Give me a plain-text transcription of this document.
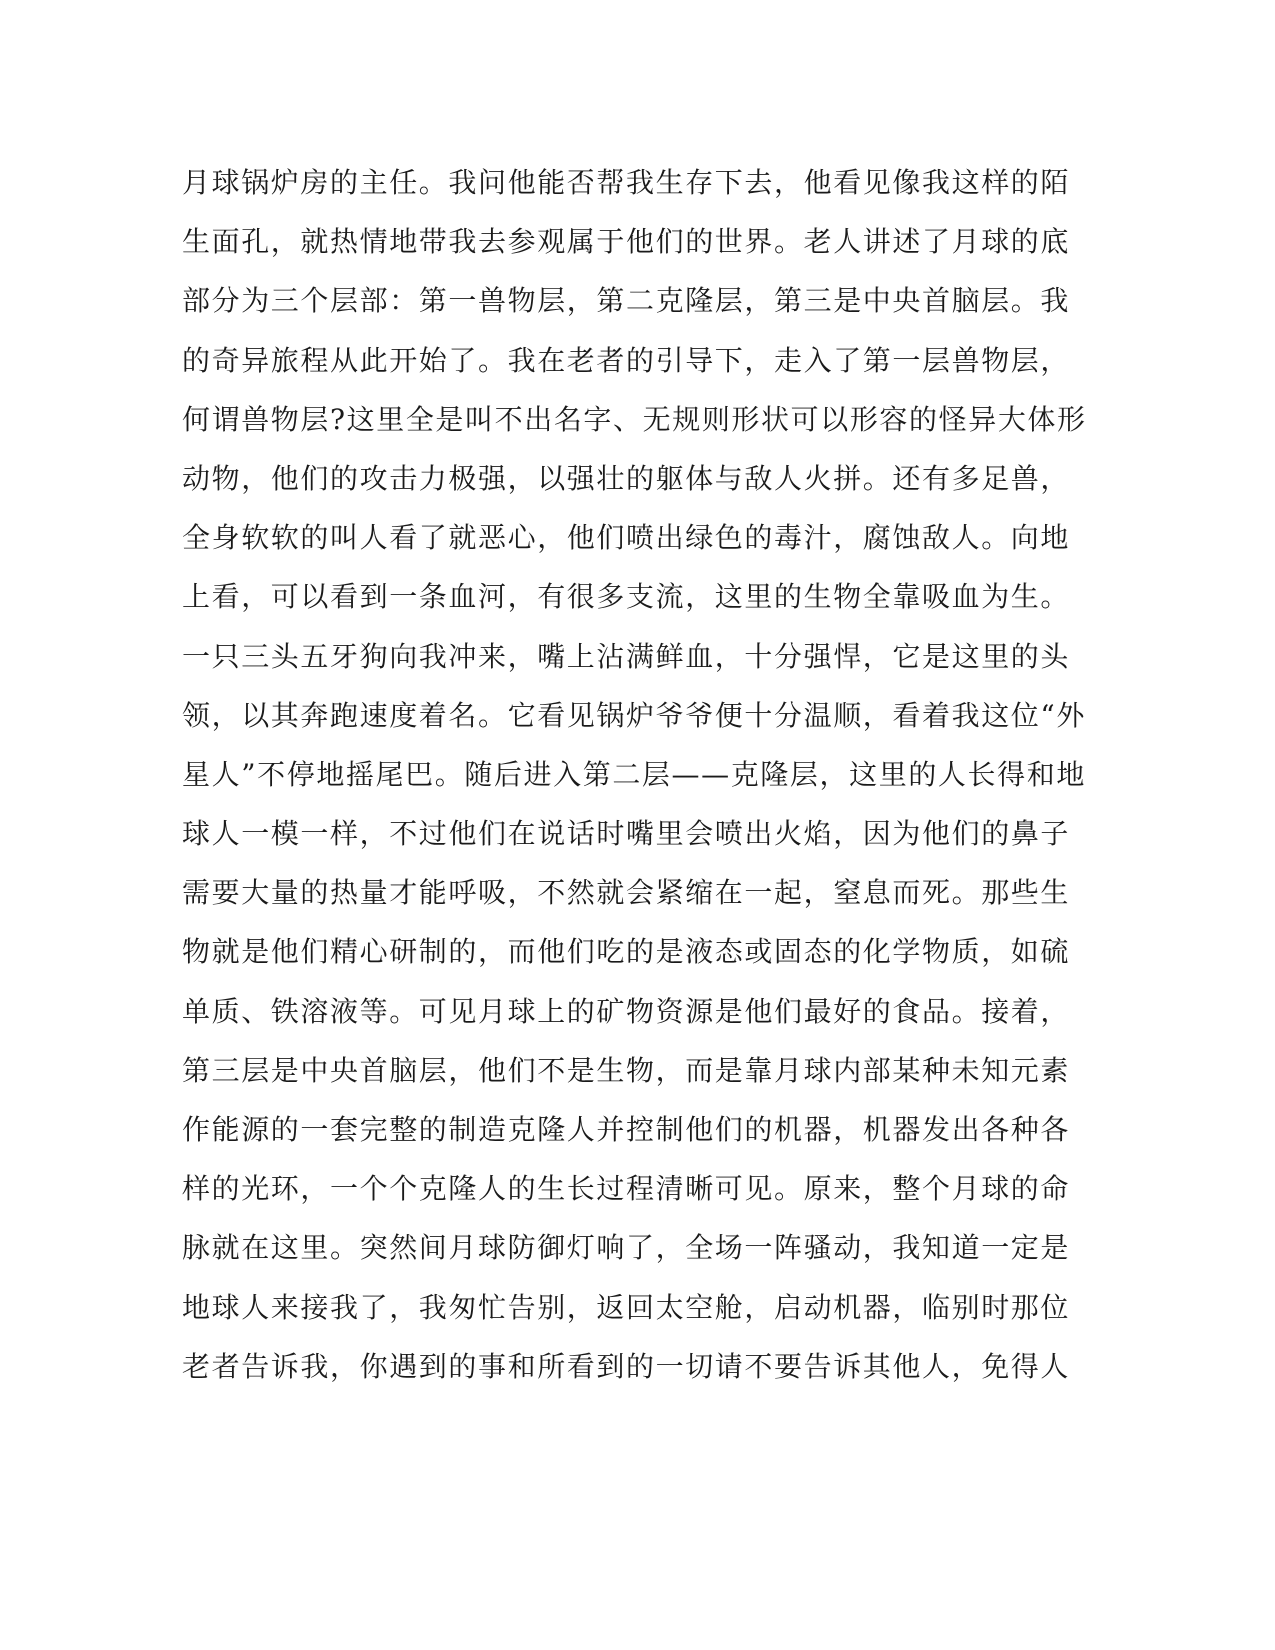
月球锅炉房的主任。我问他能否帮我生存下去，他看见像我这样的陌
生面孔，就热情地带我去参观属于他们的世界。老人讲述了月球的底
部分为三个层部：第一兽物层，第二克隆层，第三是中央首脑层。我
的奇异旅程从此开始了。我在老者的引导下，走入了第一层兽物层，
何谓兽物层?这里全是叫不出名字、无规则形状可以形容的怪异大体形
动物，他们的攻击力极强，以强壮的躯体与敌人火拼。还有多足兽，
全身软软的叫人看了就恶心，他们喷出绿色的毒汁，腐蚀敌人。向地
上看，可以看到一条血河，有很多支流，这里的生物全靠吸血为生。
一只三头五牙狗向我冲来，嘴上沾满鲜血，十分强悍，它是这里的头
领，以其奔跑速度着名。它看见锅炉爷爷便十分温顺，看着我这位“外
星人”不停地摇尾巴。随后进入第二层——克隆层，这里的人长得和地
球人一模一样，不过他们在说话时嘴里会喷出火焰，因为他们的鼻子
需要大量的热量才能呼吸，不然就会紧缩在一起，窒息而死。那些生
物就是他们精心研制的，而他们吃的是液态或固态的化学物质，如硫
单质、铁溶液等。可见月球上的矿物资源是他们最好的食品。接着，
第三层是中央首脑层，他们不是生物，而是靠月球内部某种未知元素
作能源的一套完整的制造克隆人并控制他们的机器，机器发出各种各
样的光环，一个个克隆人的生长过程清晰可见。原来，整个月球的命
脉就在这里。突然间月球防御灯响了，全场一阵骚动，我知道一定是
地球人来接我了，我匆忙告别，返回太空舱，启动机器，临别时那位
老者告诉我，你遇到的事和所看到的一切请不要告诉其他人，免得人
